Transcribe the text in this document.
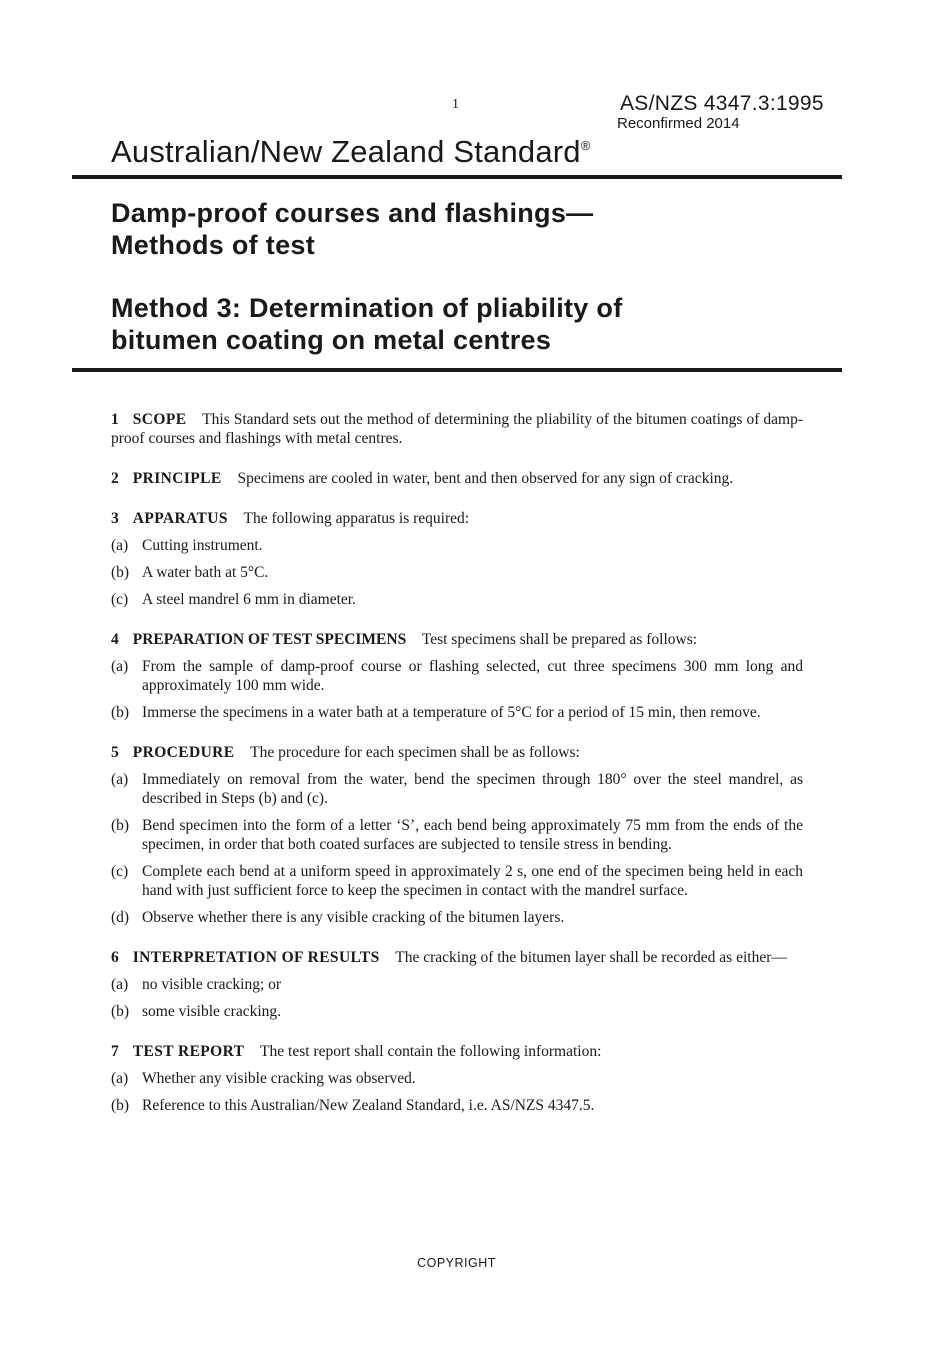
1	AS/NZS 4347.3:1995
Reconfirmed 2014
Australian/New Zealand Standard®
Damp-proof courses and flashings—
Methods of test
Method 3: Determination of pliability of
bitumen coating on metal centres

1 SCOPE This Standard sets out the method of determining the pliability of the bitumen coatings of damp-proof courses and flashings with metal centres.

2 PRINCIPLE Specimens are cooled in water, bent and then observed for any sign of cracking.

3 APPARATUS The following apparatus is required:

(a) Cutting instrument.
(b) A water bath at 5°C.
(c) A steel mandrel 6 mm in diameter.

4 PREPARATION OF TEST SPECIMENS Test specimens shall be prepared as follows:

(a) From the sample of damp-proof course or flashing selected, cut three specimens 300 mm long and approximately 100 mm wide.
(b) Immerse the specimens in a water bath at a temperature of 5°C for a period of 15 min, then remove.

5 PROCEDURE The procedure for each specimen shall be as follows:

(a) Immediately on removal from the water, bend the specimen through 180° over the steel mandrel, as described in Steps (b) and (c).
(b) Bend specimen into the form of a letter ‘S’, each bend being approximately 75 mm from the ends of the specimen, in order that both coated surfaces are subjected to tensile stress in bending.
(c) Complete each bend at a uniform speed in approximately 2 s, one end of the specimen being held in each hand with just sufficient force to keep the specimen in contact with the mandrel surface.
(d) Observe whether there is any visible cracking of the bitumen layers.

6 INTERPRETATION OF RESULTS The cracking of the bitumen layer shall be recorded as either—

(a) no visible cracking; or
(b) some visible cracking.

7 TEST REPORT The test report shall contain the following information:

(a) Whether any visible cracking was observed.
(b) Reference to this Australian/New Zealand Standard, i.e. AS/NZS 4347.5.
COPYRIGHT
